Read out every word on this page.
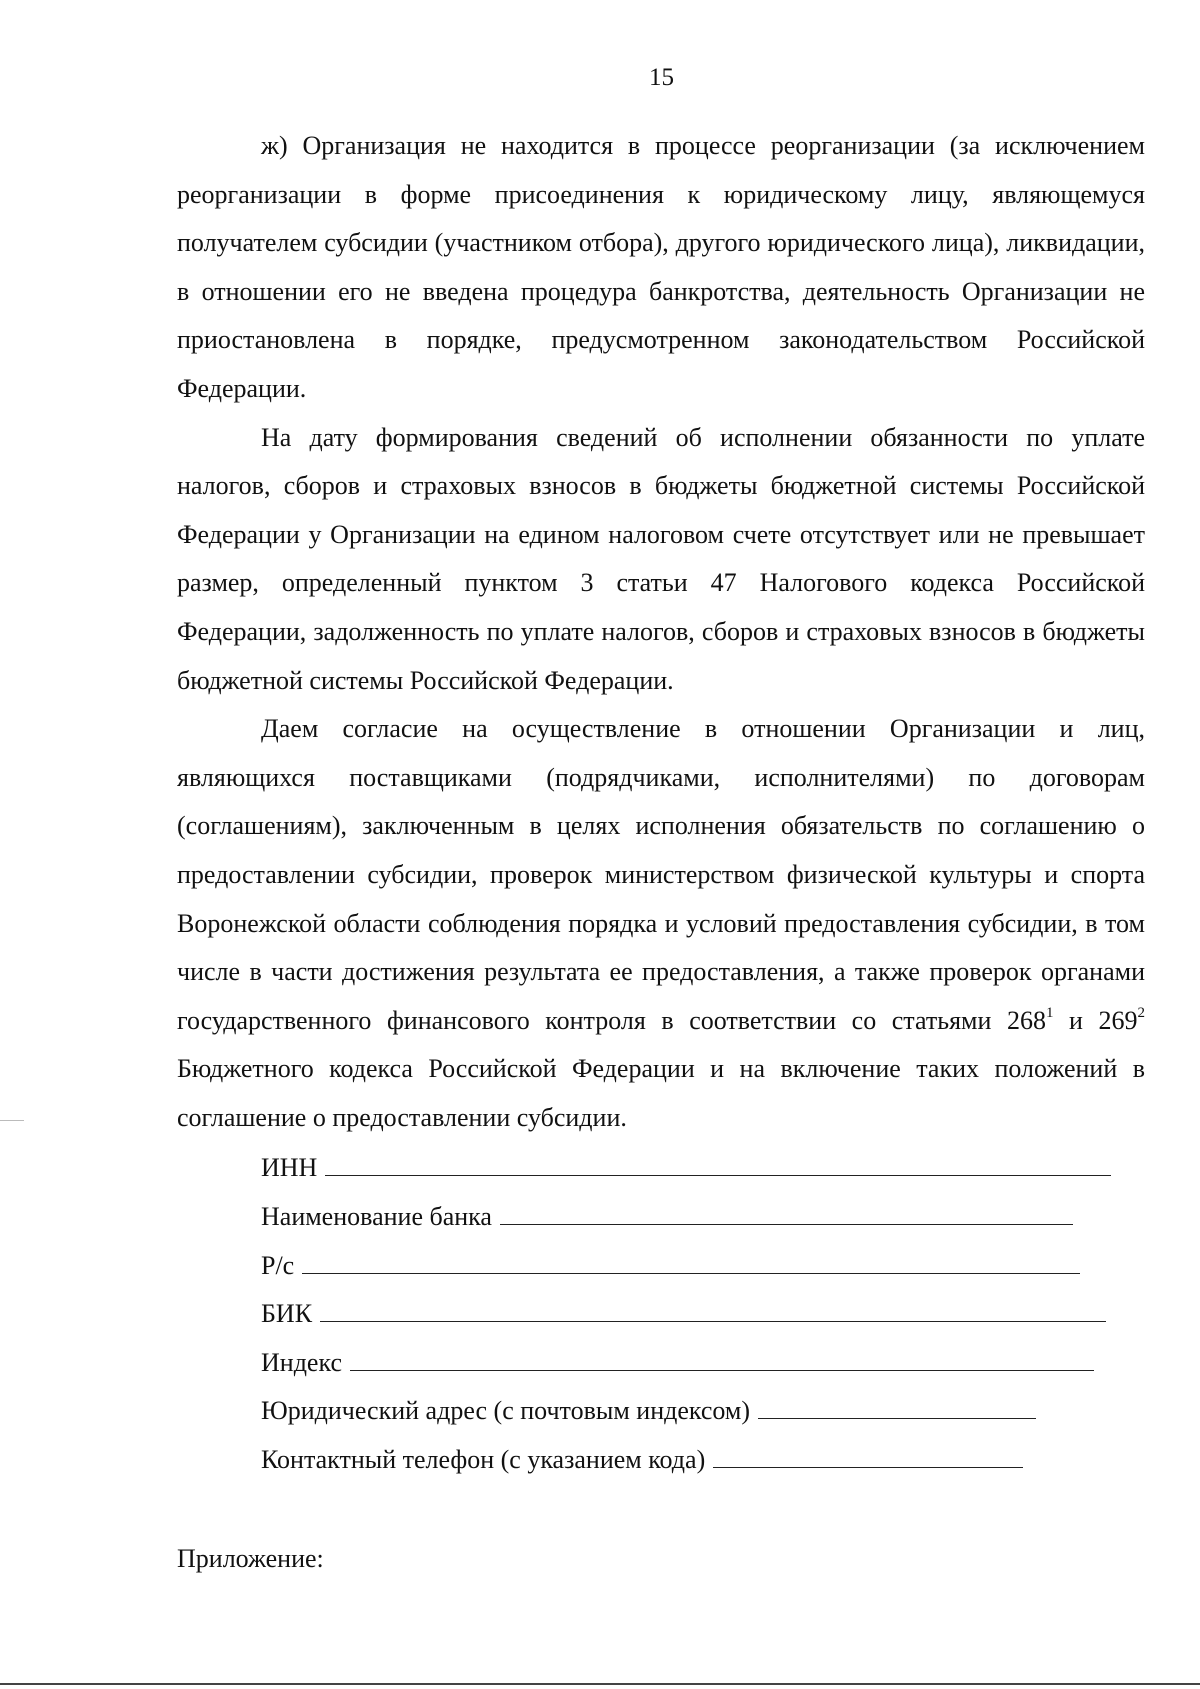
15

ж) Организация не находится в процессе реорганизации (за исключением реорганизации в форме присоединения к юридическому лицу, являющемуся получателем субсидии (участником отбора), другого юридического лица), ликвидации, в отношении его не введена процедура банкротства, деятельность Организации не приостановлена в порядке, предусмотренном законодательством Российской Федерации.

На дату формирования сведений об исполнении обязанности по уплате налогов, сборов и страховых взносов в бюджеты бюджетной системы Российской Федерации у Организации на едином налоговом счете отсутствует или не превышает размер, определенный пунктом 3 статьи 47 Налогового кодекса Российской Федерации, задолженность по уплате налогов, сборов и страховых взносов в бюджеты бюджетной системы Российской Федерации.

Даем согласие на осуществление в отношении Организации и лиц, являющихся поставщиками (подрядчиками, исполнителями) по договорам (соглашениям), заключенным в целях исполнения обязательств по соглашению о предоставлении субсидии, проверок министерством физической культуры и спорта Воронежской области соблюдения порядка и условий предоставления субсидии, в том числе в части достижения результата ее предоставления, а также проверок органами государственного финансового контроля в соответствии со статьями $268^1$ и $269^2$ Бюджетного кодекса Российской Федерации и на включение таких положений в соглашение о предоставлении субсидии.

ИНН
Наименование банка
Р/с
БИК
Индекс
Юридический адрес (с почтовым индексом)
Контактный телефон (с указанием кода)
Приложение:
